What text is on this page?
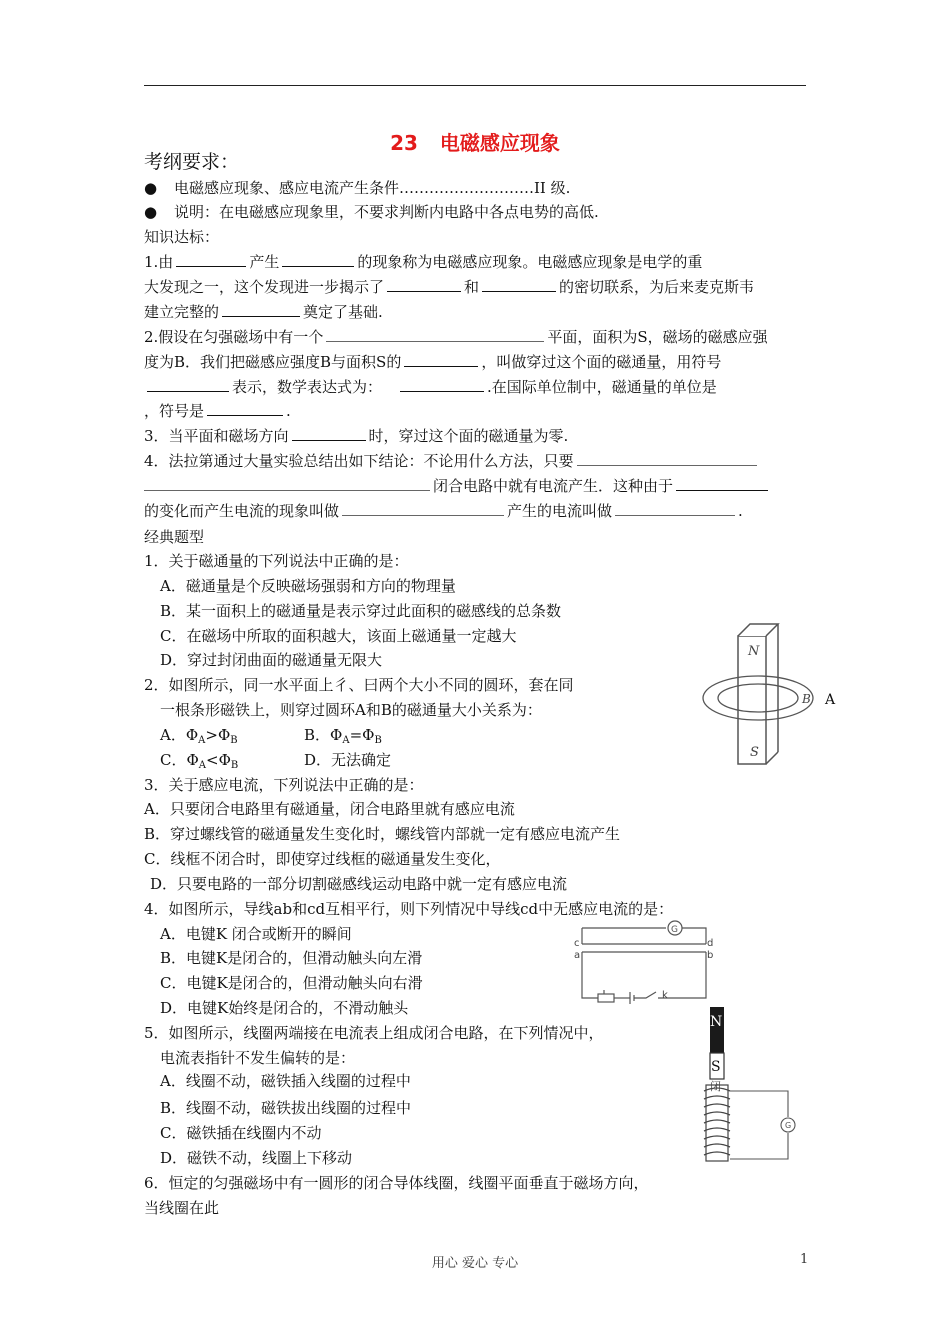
23 电磁感应现象
考纲要求：
● 电磁感应现象、感应电流产生条件………………………II 级.
● 说明：在电磁感应现象里，不要求判断内电路中各点电势的高低.
知识达标：
1.由	产生	的现象称为电磁感应现象。电磁感应现象是电学的重
大发现之一，这个发现进一步揭示了	和	的密切联系，为后来麦克斯韦
建立完整的	奠定了基础.
2.假设在匀强磁场中有一个	平面，面积为S，磁场的磁感应强
度为B．我们把磁感应强度B与面积S的	，叫做穿过这个面的磁通量，用符号
表示，数学表达式为：	.在国际单位制中，磁通量的单位是
，符号是	.
3．当平面和磁场方向	时，穿过这个面的磁通量为零.
4．法拉第通过大量实验总结出如下结论：不论用什么方法，只要
闭合电路中就有电流产生．这种由于
的变化而产生电流的现象叫做	产生的电流叫做	.
经典题型
1．关于磁通量的下列说法中正确的是：
A．磁通量是个反映磁场强弱和方向的物理量
B．某一面积上的磁通量是表示穿过此面积的磁感线的总条数
C．在磁场中所取的面积越大，该面上磁通量一定越大
D．穿过封闭曲面的磁通量无限大
2．如图所示，同一水平面上彳、曰两个大小不同的圆环，套在同
一根条形磁铁上，则穿过圆环A和B的磁通量大小关系为：
A．$\Phi_A>\Phi_B$	B．$\Phi_A=\Phi_B$
C．$\Phi_A<\Phi_B$	D．无法确定
N
S
B A
3．关于感应电流，下列说法中正确的是：
A．只要闭合电路里有磁通量，闭合电路里就有感应电流
B．穿过螺线管的磁通量发生变化时，螺线管内部就一定有感应电流产生
C．线框不闭合时，即使穿过线框的磁通量发生变化，
D．只要电路的一部分切割磁感线运动电路中就一定有感应电流
4．如图所示，导线ab和cd互相平行，则下列情况中导线cd中无感应电流的是：
A．电键K 闭合或断开的瞬间
B．电键K是闭合的，但滑动触头向左滑
C．电键K是闭合的，但滑动触头向右滑
D．电键K始终是闭合的，不滑动触头
G
c	d
a	b
k
5．如图所示，线圈两端接在电流表上组成闭合电路，在下列情况中，
电流表指针不发生偏转的是：
A．线圈不动，磁铁插入线圈的过程中
B．线圈不动，磁铁拔出线圈的过程中
C．磁铁插在线圈内不动
D．磁铁不动，线圈上下移动
N
S
闭
G
6．恒定的匀强磁场中有一圆形的闭合导体线圈，线圈平面垂直于磁场方向，
当线圈在此
用心 爱心 专心	1
